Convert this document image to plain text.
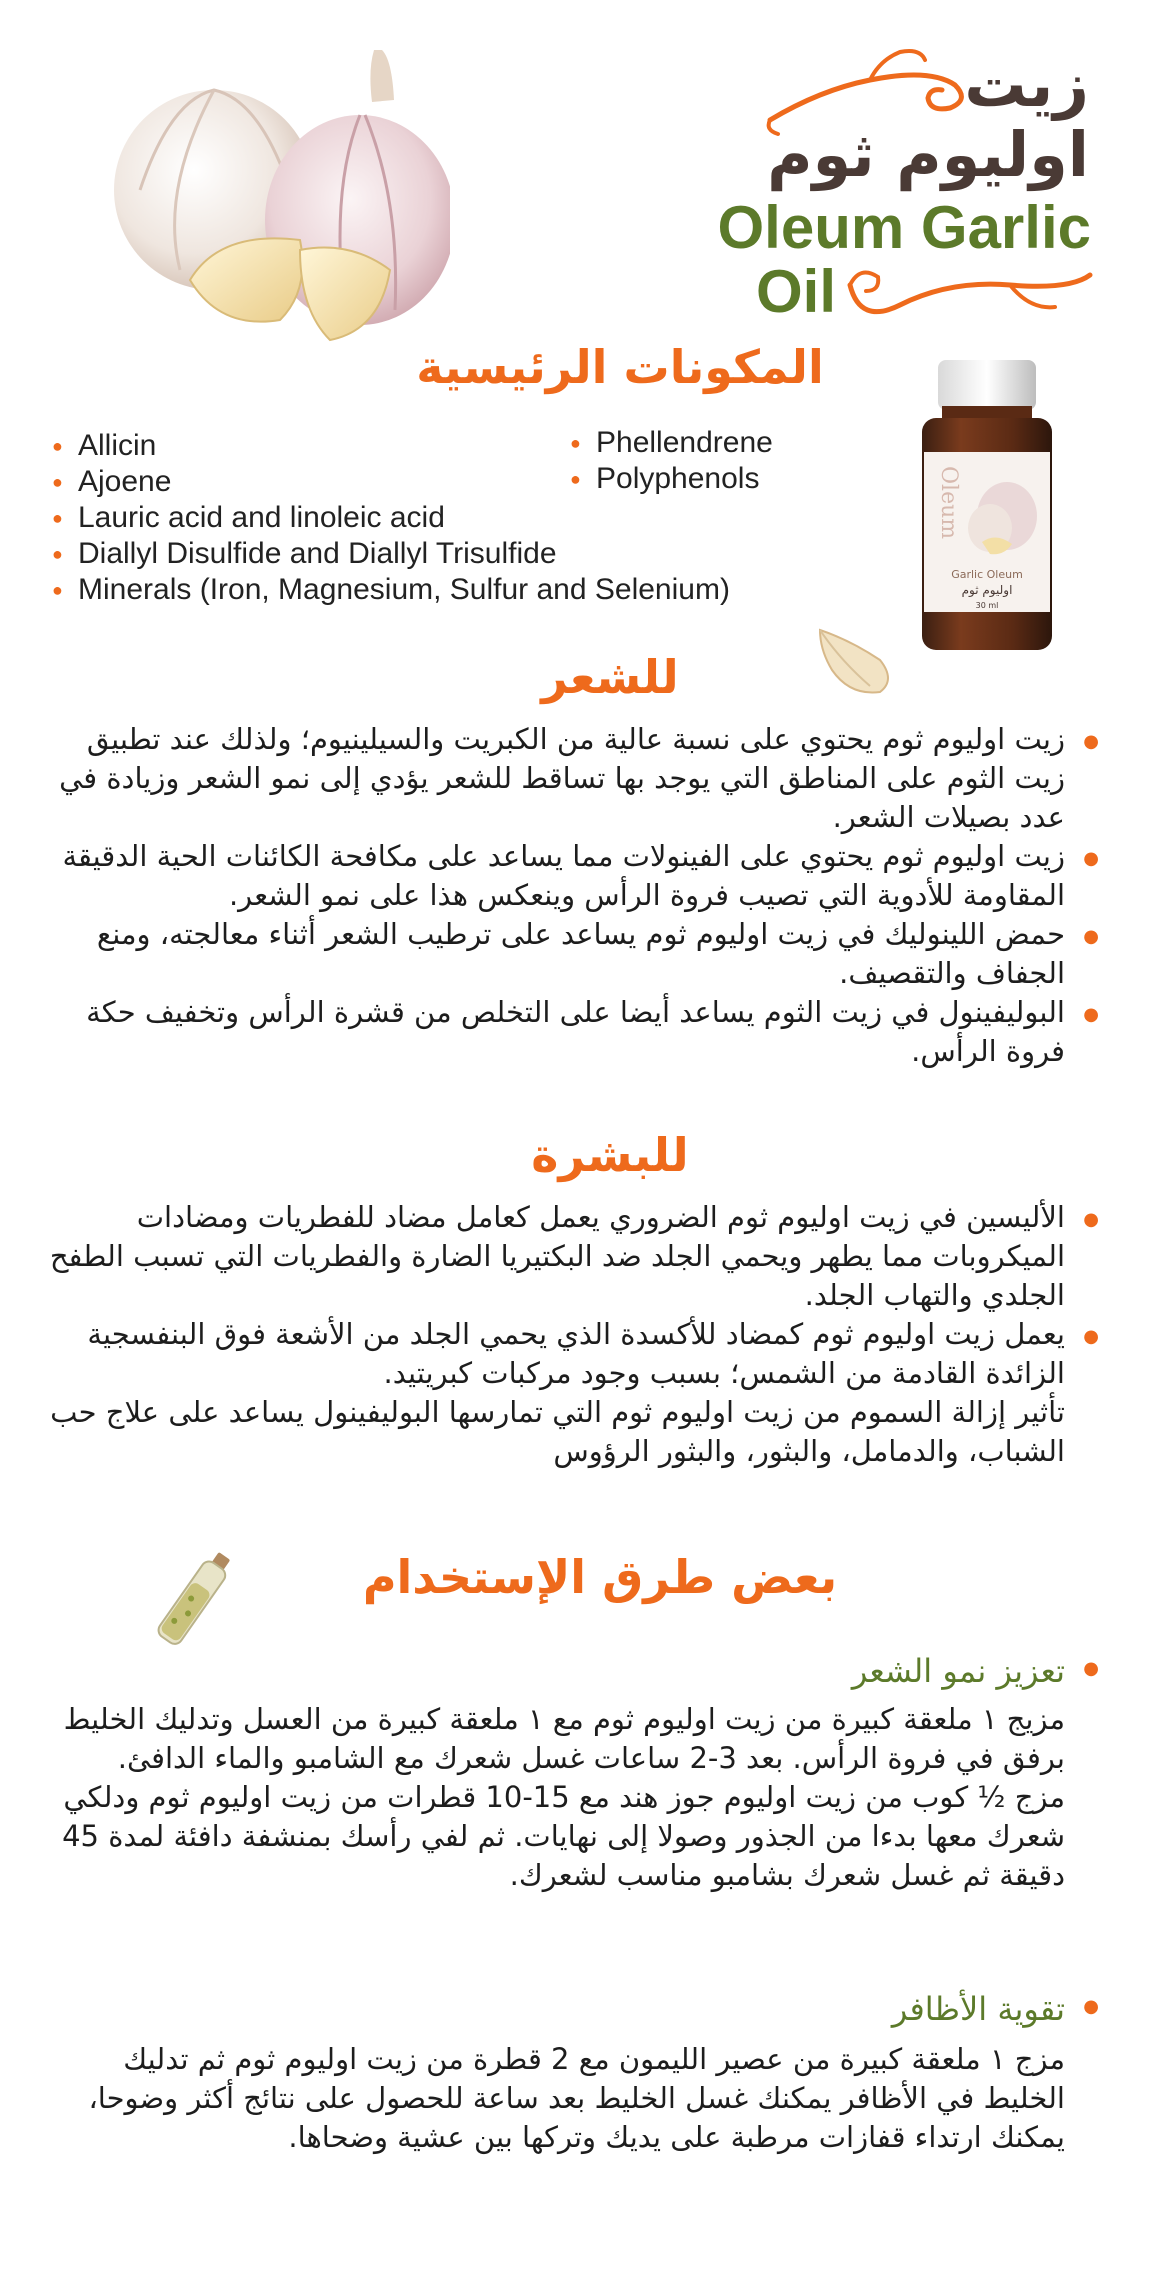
زيت
اوليوم ثوم
Oleum Garlic
Oil
المكونات الرئيسية
● Allicin
● Ajoene
● Lauric acid and linoleic acid
● Diallyl Disulfide and Diallyl Trisulfide
● Minerals (Iron, Magnesium, Sulfur and Selenium)
● Phellendrene
● Polyphenols	Oleum
Garlic Oleum
اوليوم ثوم
30 ml
للشعر
● زيت اوليوم ثوم يحتوي على نسبة عالية من الكبريت والسيلينيوم؛ ولذلك عند تطبيق زيت الثوم على المناطق التي يوجد بها تساقط للشعر يؤدي إلى نمو الشعر وزيادة في عدد بصيلات الشعر.
● زيت اوليوم ثوم يحتوي على الفينولات مما يساعد على مكافحة الكائنات الحية الدقيقة المقاومة للأدوية التي تصيب فروة الرأس وينعكس هذا على نمو الشعر.
● حمض اللينوليك في زيت اوليوم ثوم يساعد على ترطيب الشعر أثناء معالجته، ومنع الجفاف والتقصيف.
● البوليفينول في زيت الثوم يساعد أيضا على التخلص من قشرة الرأس وتخفيف حكة فروة الرأس.
للبشرة
● الأليسين في زيت اوليوم ثوم الضروري يعمل كعامل مضاد للفطريات ومضادات الميكروبات مما يطهر ويحمي الجلد ضد البكتيريا الضارة والفطريات التي تسبب الطفح الجلدي والتهاب الجلد.
● يعمل زيت اوليوم ثوم كمضاد للأكسدة الذي يحمي الجلد من الأشعة فوق البنفسجية الزائدة القادمة من الشمس؛ بسبب وجود مركبات كبريتيد.
تأثير إزالة السموم من زيت اوليوم ثوم التي تمارسها البوليفينول يساعد على علاج حب الشباب، والدمامل، والبثور، والبثور الرؤوس
بعض طرق الإستخدام
● تعزيز نمو الشعر
مزيج ١ ملعقة كبيرة من زيت اوليوم ثوم مع ١ ملعقة كبيرة من العسل وتدليك الخليط برفق في فروة الرأس. بعد 3-2 ساعات غسل شعرك مع الشامبو والماء الدافئ.
مزج ½ كوب من زيت اوليوم جوز هند مع 15-10 قطرات من زيت اوليوم ثوم ودلكي شعرك معها بدءا من الجذور وصولا إلى نهايات. ثم لفي رأسك بمنشفة دافئة لمدة 45 دقيقة ثم غسل شعرك بشامبو مناسب لشعرك.
● تقوية الأظافر
مزج ١ ملعقة كبيرة من عصير الليمون مع 2 قطرة من زيت اوليوم ثوم ثم تدليك الخليط في الأظافر يمكنك غسل الخليط بعد ساعة للحصول على نتائج أكثر وضوحا، يمكنك ارتداء قفازات مرطبة على يديك وتركها بين عشية وضحاها.
